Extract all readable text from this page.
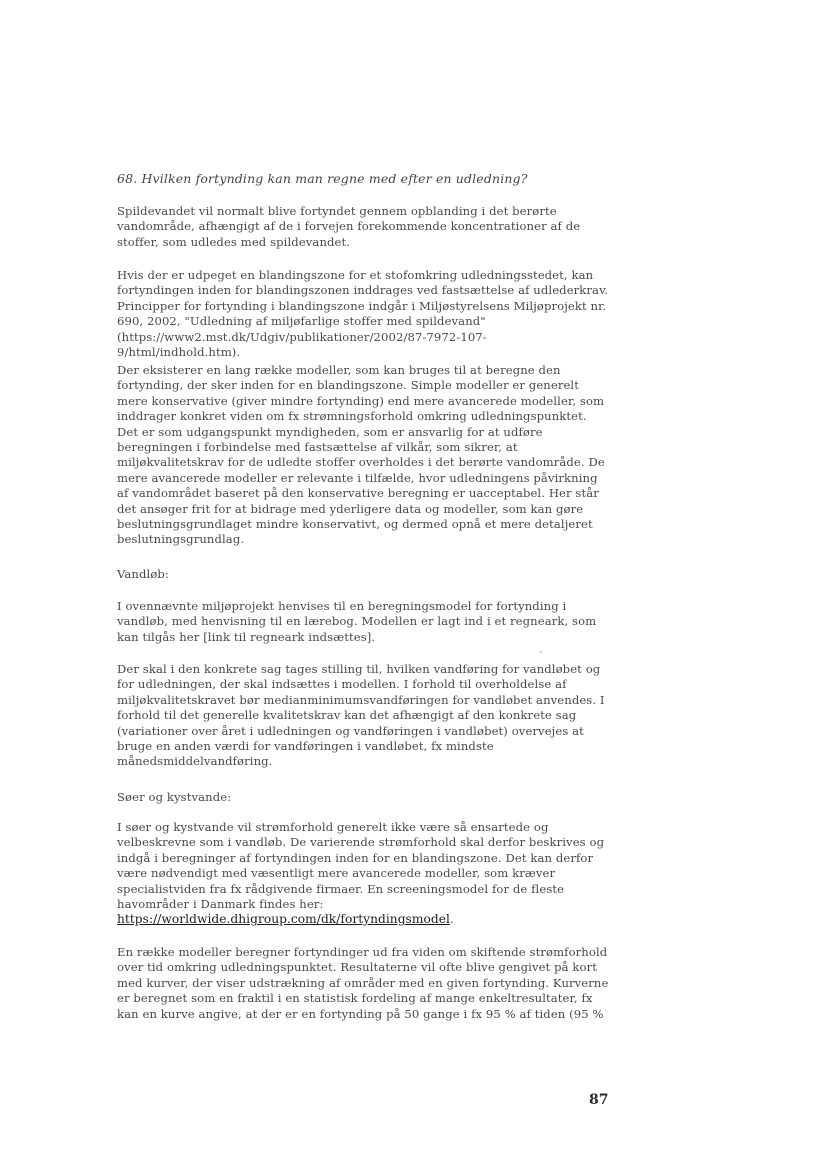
68. Hvilken fortynding kan man regne med efter en udledning?

Spildevandet vil normalt blive fortyndet gennem opblanding i det berørte vandområde, afhængigt af de i forvejen forekommende koncentrationer af de stoffer, som udledes med spildevandet.

Hvis der er udpeget en blandingszone for et stofomkring udledningsstedet, kan fortyndingen inden for blandingszonen inddrages ved fastsættelse af udlederkrav. Principper for fortynding i blandingszone indgår i Miljøstyrelsens Miljøprojekt nr. 690, 2002, "Udledning af miljøfarlige stoffer med spildevand" (https://www2.mst.dk/Udgiv/publikationer/2002/87-7972-107-9/html/indhold.htm).

Der eksisterer en lang række modeller, som kan bruges til at beregne den fortynding, der sker inden for en blandingszone. Simple modeller er generelt mere konservative (giver mindre fortynding) end mere avancerede modeller, som inddrager konkret viden om fx strømningsforhold omkring udledningspunktet. Det er som udgangspunkt myndigheden, som er ansvarlig for at udføre beregningen i forbindelse med fastsættelse af vilkår, som sikrer, at miljøkvalitetskrav for de udledte stoffer overholdes i det berørte vandområde. De mere avancerede modeller er relevante i tilfælde, hvor udledningens påvirkning af vandområdet baseret på den konservative beregning er uacceptabel. Her står det ansøger frit for at bidrage med yderligere data og modeller, som kan gøre beslutningsgrundlaget mindre konservativt, og dermed opnå et mere detaljeret beslutningsgrundlag.

Vandløb:

I ovennævnte miljøprojekt henvises til en beregningsmodel for fortynding i vandløb, med henvisning til en lærebog. Modellen er lagt ind i et regneark, som kan tilgås her [link til regneark indsættes].

Der skal i den konkrete sag tages stilling til, hvilken vandføring for vandløbet og for udledningen, der skal indsættes i modellen. I forhold til overholdelse af miljøkvalitetskravet bør medianminimumsvandføringen for vandløbet anvendes. I forhold til det generelle kvalitetskrav kan det afhængigt af den konkrete sag (variationer over året i udledningen og vandføringen i vandløbet) overvejes at bruge en anden værdi for vandføringen i vandløbet, fx mindste månedsmiddelvandføring.

Søer og kystvande:

I søer og kystvande vil strømforhold generelt ikke være så ensartede og velbeskrevne som i vandløb. De varierende strømforhold skal derfor beskrives og indgå i beregninger af fortyndingen inden for en blandingszone. Det kan derfor være nødvendigt med væsentligt mere avancerede modeller, som kræver specialistviden fra fx rådgivende firmaer. En screeningsmodel for de fleste havområder i Danmark findes her:
https://worldwide.dhigroup.com/dk/fortyndingsmodel.

En række modeller beregner fortyndinger ud fra viden om skiftende strømforhold over tid omkring udledningspunktet. Resultaterne vil ofte blive gengivet på kort med kurver, der viser udstrækning af områder med en given fortynding. Kurverne er beregnet som en fraktil i en statistisk fordeling af mange enkeltresultater, fx kan en kurve angive, at der er en fortynding på 50 gange i fx 95 % af tiden (95 %

87
